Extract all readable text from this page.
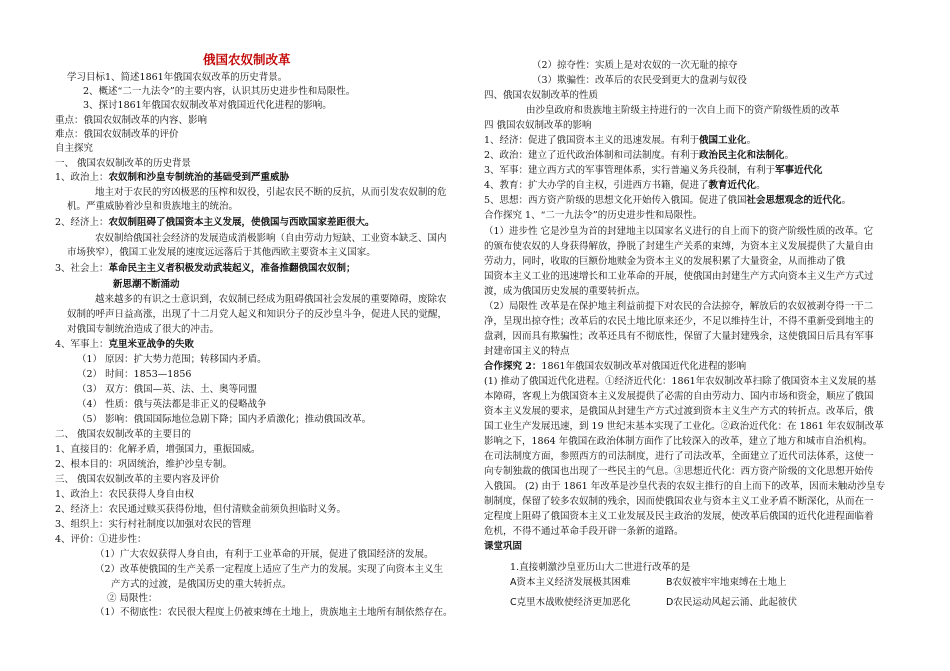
俄国农奴制改革
学习目标1、简述1861年俄国农奴改革的历史背景。
2、概述“二一九法令”的主要内容，认识其历史进步性和局限性。
3、探讨1861年俄国农奴制改革对俄国近代化进程的影响。
重点：俄国农奴制改革的内容、影响
难点：俄国农奴制改革的评价
自主探究
一、 俄国农奴制改革的历史背景
1、政治上：农奴制和沙皇专制统治的基础受到严重威胁
地主对于农民的穷凶极恶的压榨和奴役，引起农民不断的反抗，从而引发农奴制的危
机。严重威胁着沙皇和贵族地主的统治。
2、经济上：农奴制阻碍了俄国资本主义发展，使俄国与西欧国家差距很大。
农奴制给俄国社会经济的发展造成消极影响（自由劳动力短缺、工业资本缺乏、国内
市场狭窄），俄国工业发展的速度远远落后于其他西欧主要资本主义国家。
3、社会上：革命民主主义者积极发动武装起义，准备推翻俄国农奴制；
新思潮不断涌动
越来越多的有识之士意识到，农奴制已经成为阻碍俄国社会发展的重要障碍，废除农
奴制的呼声日益高涨，出现了十二月党人起义和知识分子的反沙皇斗争，促进人民的觉醒，
对俄国专制统治造成了很大的冲击。
4、军事上：克里米亚战争的失败
（1） 原因：扩大势力范围；转移国内矛盾。
（2） 时间：1853—1856
（3） 双方：俄国—英、法、土、奥等同盟
（4） 性质：俄与英法都是非正义的侵略战争
（5） 影响：俄国国际地位急剧下降；国内矛盾激化；推动俄国改革。
二、 俄国农奴制改革的主要目的
1、直接目的：化解矛盾，增强国力，重振国威。
2、根本目的：巩固统治，维护沙皇专制。
三、 俄国农奴制改革的主要内容及评价
1、政治上：农民获得人身自由权
2、经济上：农民通过赎买获得份地，但付清赎金前须负担临时义务。
3、组织上：实行村社制度以加强对农民的管理
4、评价：①进步性：
（1）广大农奴获得人身自由，有利于工业革命的开展，促进了俄国经济的发展。
（2）改革使俄国的生产关系一定程度上适应了生产力的发展。实现了向资本主义生
产方式的过渡，是俄国历史的重大转折点。
② 局限性：
（1）不彻底性：农民很大程度上仍被束缚在土地上，贵族地主土地所有制依然存在。
1.直接刺激沙皇亚历山大二世进行改革的是
A资本主义经济发展极其困难	B农奴被牢牢地束缚在土地上
C克里木战败使经济更加恶化	D农民运动风起云涌、此起彼伏
（2）掠夺性：实质上是对农奴的一次无耻的掠夺
（3）欺骗性：改革后的农民受到更大的盘剥与奴役
四、俄国农奴制改革的性质
由沙皇政府和贵族地主阶级主持进行的一次自上而下的资产阶级性质的改革
四 俄国农奴制改革的影响
1、经济：促进了俄国资本主义的迅速发展。有利于俄国工业化。
2、政治：建立了近代政治体制和司法制度。有利于政治民主化和法制化。
3、军事：建立西方式的军事管理体系，实行普遍义务兵役制，有利于军事近代化
4、教育：扩大办学的自主权，引进西方书籍，促进了教育近代化。
5、思想：西方资产阶级的思想文化开始传入俄国。促进了俄国社会思想观念的近代化。
合作探究 1、“二一九法令”的历史进步性和局限性。
（1）进步性 它是沙皇为首的封建地主以国家名义进行的自上而下的资产阶级性质的改革。它
的颁布使农奴的人身获得解放，挣脱了封建生产关系的束缚，为资本主义发展提供了大量自由
劳动力，同时，收取的巨额份地赎金为资本主义的发展积累了大量资金，从而推动了俄
国资本主义工业的迅速增长和工业革命的开展，使俄国由封建生产方式向资本主义生产方式过
渡，成为俄国历史发展的重要转折点。
（2）局限性 改革是在保护地主利益前提下对农民的合法掠夺，解放后的农奴被剥夺得一干二
净，呈现出掠夺性；改革后的农民土地比原来还少，不足以维持生计，不得不重新受到地主的
盘剥，因而具有欺骗性；改革还具有不彻底性，保留了大量封建残余，这使俄国日后具有军事
封建帝国主义的特点
合作探究 2：1861年俄国农奴制改革对俄国近代化进程的影响
(1) 推动了俄国近代化进程。①经济近代化：1861年农奴制改革扫除了俄国资本主义发展的基
本障碍，客观上为俄国资本主义发展提供了必需的自由劳动力、国内市场和资金，顺应了俄国
资本主义发展的要求，是俄国从封建生产方式过渡到资本主义生产方式的转折点。改革后，俄
国工业生产发展迅速，到 19 世纪末基本实现了工业化。②政治近代化：在 1861 年农奴制改革
影响之下，1864 年俄国在政治体制方面作了比较深入的改革，建立了地方和城市自治机构。
在司法制度方面，参照西方的司法制度，进行了司法改革，全面建立了近代司法体系，这使一
向专制独裁的俄国也出现了一些民主的气息。③思想近代化：西方资产阶级的文化思想开始传
入俄国。 (2) 由于 1861 年改革是沙皇代表的农奴主推行的自上而下的改革，因而未触动沙皇专
制制度，保留了较多农奴制的残余，因而使俄国农业与资本主义工业矛盾不断深化，从而在一
定程度上阻碍了俄国资本主义工业发展及民主政治的发展，使改革后俄国的近代化进程面临着
危机，不得不通过革命手段开辟一条新的道路。
课堂巩固
